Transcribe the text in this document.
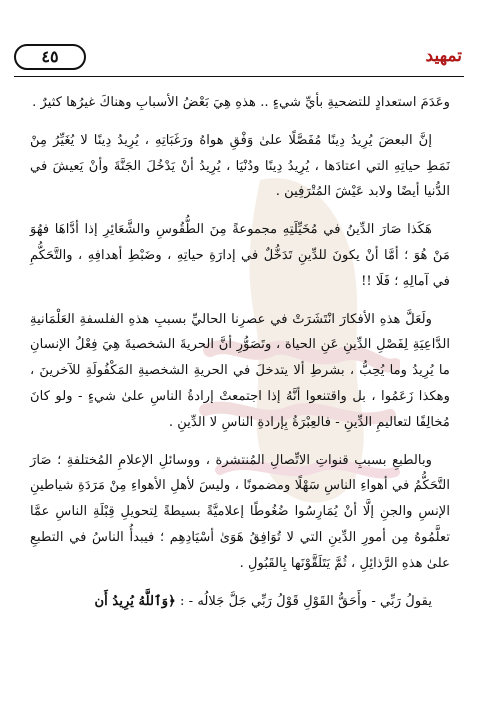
تمهيد
٤٥

وعَدَمَ استعدادٍ للتضحيةِ بأيِّ شيءٍ .. هذهِ هِيَ بَعْضُ الأسبابِ وهناكَ غيرُها كثيرٌ .

إنَّ البعضَ يُرِيدُ دِينًا مُفَصَّلًا علىٰ وَفْقِ هواهُ ورَغَبَاتِهِ ، يُرِيدُ دِينًا لا يُغَيِّرُ مِنْ نَمَطِ حياتِهِ التي اعتادَها ، يُرِيدُ دِينًا ودُنْيَا ، يُرِيدُ أنْ يَدْخُلَ الجَنَّةَ وأنْ يَعيشَ في الدُّنيا أيضًا ولابد عَيْشَ المُتْرَفِين .

هَكَذا صَارَ الدِّينُ في مُخَيِّلَتِهِ مجموعةً مِنَ الطُّقُوسِ والشَّعَائِرِ إذا أدَّاهَا فهُوَ مَنْ هُوَ ؛ أمَّا أنْ يكونَ للدِّينِ تَدَخُّلٌ في إدارَةِ حياتِهِ ، وضَبْطِ أهدافِهِ ، والتَّحَكُّمِ في آمالِهِ ؛ فَلَا !!

ولَعَلَّ هذهِ الأفكارَ انْتَشَرَتْ في عصرِنا الحاليِّ بسببِ هذهِ الفلسفةِ العَلْمَانيةِ الدَّاعِيَةِ لِفَصْلِ الدِّينِ عَنِ الحياة ، وتَصَوُّرِ أنَّ الحريةَ الشخصيةَ هِيَ فِعْلُ الإنسانِ ما يُرِيدُ وما يُحِبُّ ، بشرطِ ألا يتدخلَ في الحريةِ الشخصيةِ المَكْفُولَةِ للآخرينَ ، وهكذا زَعَمُوا ، بل واقتنعوا أنَّهُ إذا اجتمعتْ إرادةُ الناسِ علىٰ شيءٍ - ولو كانَ مُخالِفًا لتعاليمِ الدِّينِ - فالعِبْرَةُ بِإرادةِ الناسِ لا الدِّينِ .

وبالطبعِ بسببِ قنواتِ الاتِّصالِ المُنتشرة ، ووسائلِ الإعلامِ المُختلفةِ ؛ صَارَ التَّحَكُّمُ في أهواءِ الناسِ سَهْلًا ومضمونًا ، وليسَ لأهلِ الأهواءِ مِنْ مَرَدَةِ شياطينِ الإنسِ والجنِ إلَّا أنْ يُمَارِسُوا ضُغُوطًا إعلاميَّةً بسيطةً لِتحويلِ قِبْلَةِ الناسِ عمَّا تعلَّمُوهُ مِن أمورِ الدِّينِ التي لا تُوَافِقُ هَوَىٰ أسْيَادِهِم ؛ فيبدأُ الناسُ في التطبعِ علىٰ هذهِ الرَّذائِلِ ، ثُمَّ يَتَلَقَّوْنَها بِالقَبُولِ .

يقولُ رَبِّي - وأَحَقُّ القَوْلِ قَوْلُ رَبِّي جَلَّ جَلالُه - : ﴿وَٱللَّهُ يُرِيدُ أَن
